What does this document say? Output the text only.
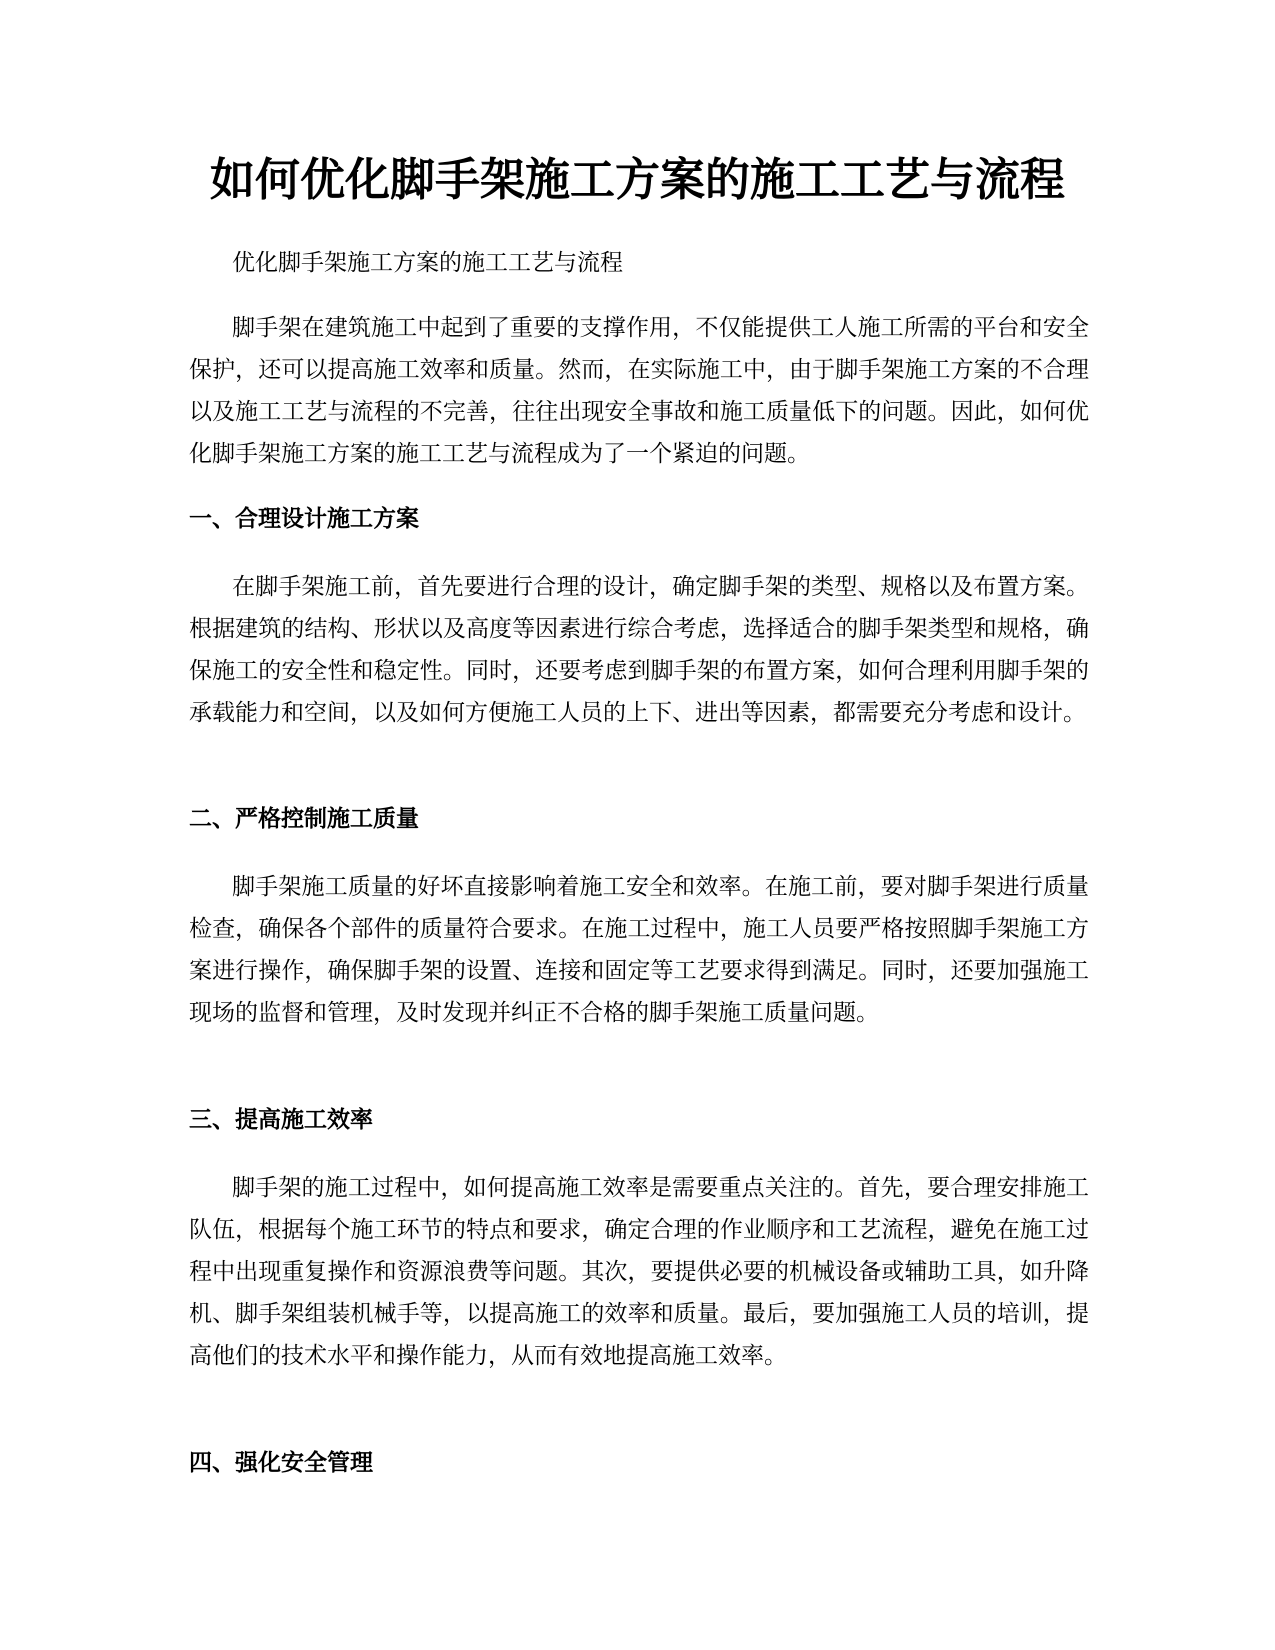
如何优化脚手架施工方案的施工工艺与流程

优化脚手架施工方案的施工工艺与流程

脚手架在建筑施工中起到了重要的支撑作用，不仅能提供工人施工所需的平台和安全保护，还可以提高施工效率和质量。然而，在实际施工中，由于脚手架施工方案的不合理以及施工工艺与流程的不完善，往往出现安全事故和施工质量低下的问题。因此，如何优化脚手架施工方案的施工工艺与流程成为了一个紧迫的问题。

一、合理设计施工方案

在脚手架施工前，首先要进行合理的设计，确定脚手架的类型、规格以及布置方案。根据建筑的结构、形状以及高度等因素进行综合考虑，选择适合的脚手架类型和规格，确保施工的安全性和稳定性。同时，还要考虑到脚手架的布置方案，如何合理利用脚手架的承载能力和空间，以及如何方便施工人员的上下、进出等因素，都需要充分考虑和设计。

二、严格控制施工质量

脚手架施工质量的好坏直接影响着施工安全和效率。在施工前，要对脚手架进行质量检查，确保各个部件的质量符合要求。在施工过程中，施工人员要严格按照脚手架施工方案进行操作，确保脚手架的设置、连接和固定等工艺要求得到满足。同时，还要加强施工现场的监督和管理，及时发现并纠正不合格的脚手架施工质量问题。

三、提高施工效率

脚手架的施工过程中，如何提高施工效率是需要重点关注的。首先，要合理安排施工队伍，根据每个施工环节的特点和要求，确定合理的作业顺序和工艺流程，避免在施工过程中出现重复操作和资源浪费等问题。其次，要提供必要的机械设备或辅助工具，如升降机、脚手架组装机械手等，以提高施工的效率和质量。最后，要加强施工人员的培训，提高他们的技术水平和操作能力，从而有效地提高施工效率。

四、强化安全管理
